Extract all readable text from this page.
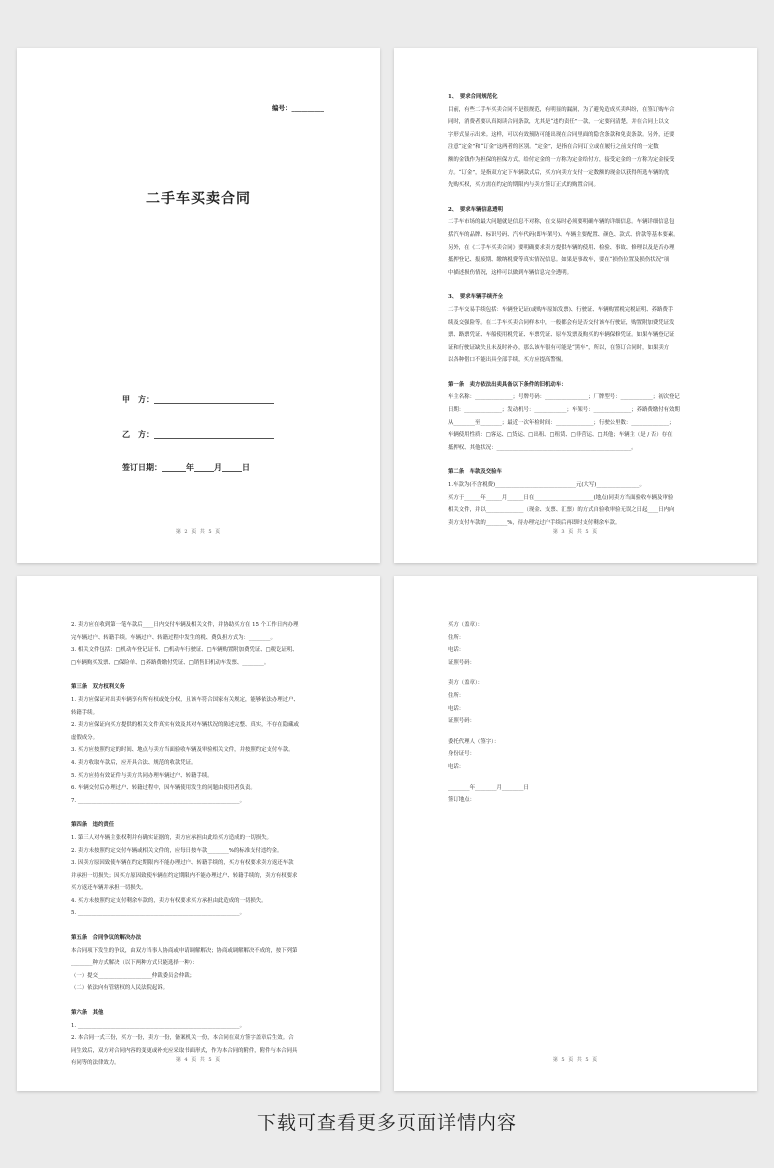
编号：__________
二手车买卖合同
甲　方：______________________________
乙　方：______________________________
签订日期：______年_____月_____日
第 2 页 共 5 页
1、　要求合同规范化
目前，有些二手车买卖合同不是很规范，有明显的漏洞，为了避免造成买卖纠纷，在签订购车合
同时，消费者要认真阅读合同条款，尤其是“违约责任”一款，一定要问清楚，并在合同上以文
字形式显示出来。这样，可以有效预防可能出现在合同里面的隐含条款和免责条款。另外，还要
注意“定金”和“订金”这两者的区别。“定金”，是指在合同订立或在履行之前支付的一定数
额的金钱作为担保的担保方式，给付定金的一方称为定金给付方，接受定金的一方称为定金接受
方。“订金”，是指双方定下车辆款式后，买方向卖方支付一定数额的现金以获得所选车辆的优
先购买权，买方需在约定的期限内与卖方签订正式的购置合同。
2、　要求车辆信息透明
二手车市场的最大问题就是信息不对称，在交易时必须要明确车辆的详细信息。车辆详细信息包
括汽车的品牌、标识号码、汽车代码(即车架号)、车辆主要配置、颜色、款式、价款等基本要素。
另外，在《二手车买卖合同》要明确要求卖方提供车辆的使用、检验、事故、修理以及是否办理
抵押登记、报废期、缴纳税费等真实情况信息。如果是事故车，要在“损伤位置及损伤状况”项
中描述损伤情况，这样可以做到车辆信息完全透明。
3、　要求车辆手续齐全
二手车交易手续包括：车辆登记证(或购车原始发票)、行驶证、车辆购置税完税证明、养路费手
续及交强险等。在二手车买卖合同样本中，一般都会有是否交付该车行驶证，购置附加费凭证发
票、路票凭证、车船使用税凭证、车票凭证、原车发票及购买的车辆保修凭证。如果车辆登记证
证和行驶证缺失且未及时补办，那么该车很有可能是“黑车”，所以，在签订合同时，如果卖方
以各种借口不能出具全部手续，买方应提高警惕。
第一条　卖方依法出卖具备以下条件的旧机动车：
车主名称：______________；号牌号码：________________；厂牌型号：____________；初次登记
日期：______________；发动机号：____________；车架号：______________；养路费缴付有效期
从________至________；最近一次年检时间：______________；行驶公里数：______________；
车辆使用性质：□客运、□货运、□出租、□租赁、□非营运、□其他；车辆主（是 / 否）存在
抵押权、其他状况：__________________________________________________。
第二条　车款及交验车
1.车款为(不含税费)______________________________元(大写)________________。
买方于______年______月______日在______________________(地点)同卖方当面验收车辆及审验
相关文件，并以______________（现金、支票、汇票）的方式自验收审验无误之日起____日内向
卖方支付车款的________%，待办理完过户手续后再即时支付剩余车款。
第 3 页 共 5 页
2. 卖方应在收到第一笔车款后____日内交付车辆及相关文件，并协助买方在 15 个工作日内办理
完车辆过户、转籍手续。车辆过户、转籍过程中发生的税、费负担方式为：________。
3. 相关文件包括：□机动车登记证书、□机动车行驶证、□车辆购置附加费凭证、□税讫证明、
□车辆购买发票、□保险单、□养路费缴付凭证、□销售旧机动车发票、________。
第三条　双方权利义务
1. 卖方应保证对出卖车辆享有所有权或处分权，且该车符合国家有关规定，能够依法办理过户、
转籍手续。
2. 卖方应保证向买方提供的相关文件真实有效及其对车辆状况的陈述完整、真实，不存在隐藏或
虚假成分。
3. 买方应按照约定的时间、地点与卖方当面验收车辆及审验相关文件，并按照约定支付车款。
4. 卖方收取车款后，应开具合法、规范的收款凭证。
5. 买方应持有效证件与卖方共同办理车辆过户、转籍手续。
6. 车辆交付后办理过户、转籍过程中，因车辆使用发生的问题由使用者负责。
7. ____________________________________________________________。
第四条　违约责任
1. 第三人对车辆主张权利并有确实证据的，卖方应承担由此给买方造成的一切损失。
2. 卖方未按照约定交付车辆或相关文件的，应每日按车款________%的标准支付违约金。
3. 因卖方原因致使车辆在约定期限内不能办理过户、转籍手续的，买方有权要求卖方返还车款
并承担一切损失；因买方原因致使车辆在约定期限内不能办理过户、转籍手续的，卖方有权要求
买方返还车辆并承担一切损失。
4. 买方未按照约定支付剩余车款的，卖方有权要求买方承担由此造成的一切损失。
5. ____________________________________________________________。
第五条　合同争议的解决办法
本合同项下发生的争议，由双方当事人协商或申请调解解决；协商或调解解决不成的，按下列第
________种方式解决（以下两种方式只能选择一种）：
（一）提交____________________仲裁委员会仲裁；
（二）依法向有管辖权的人民法院起诉。
第六条　其他
1. ____________________________________________________________。
2. 本合同一式三份，买方一份，卖方一份，备案机关一份，本合同在双方签字盖章后生效。合
同生效后，双方对合同内容的变更或补充应采取书面形式，作为本合同的附件，附件与本合同具
有同等的法律效力。
第 4 页 共 5 页
买方（盖章）：
住所：
电话：
证照号码：
卖方（盖章）：
住所：
电话：
证照号码：
委托代理人（签字）：
身份证号：
电话：
________年________月________日
签订地点：
第 5 页 共 5 页
下载可查看更多页面详情内容
